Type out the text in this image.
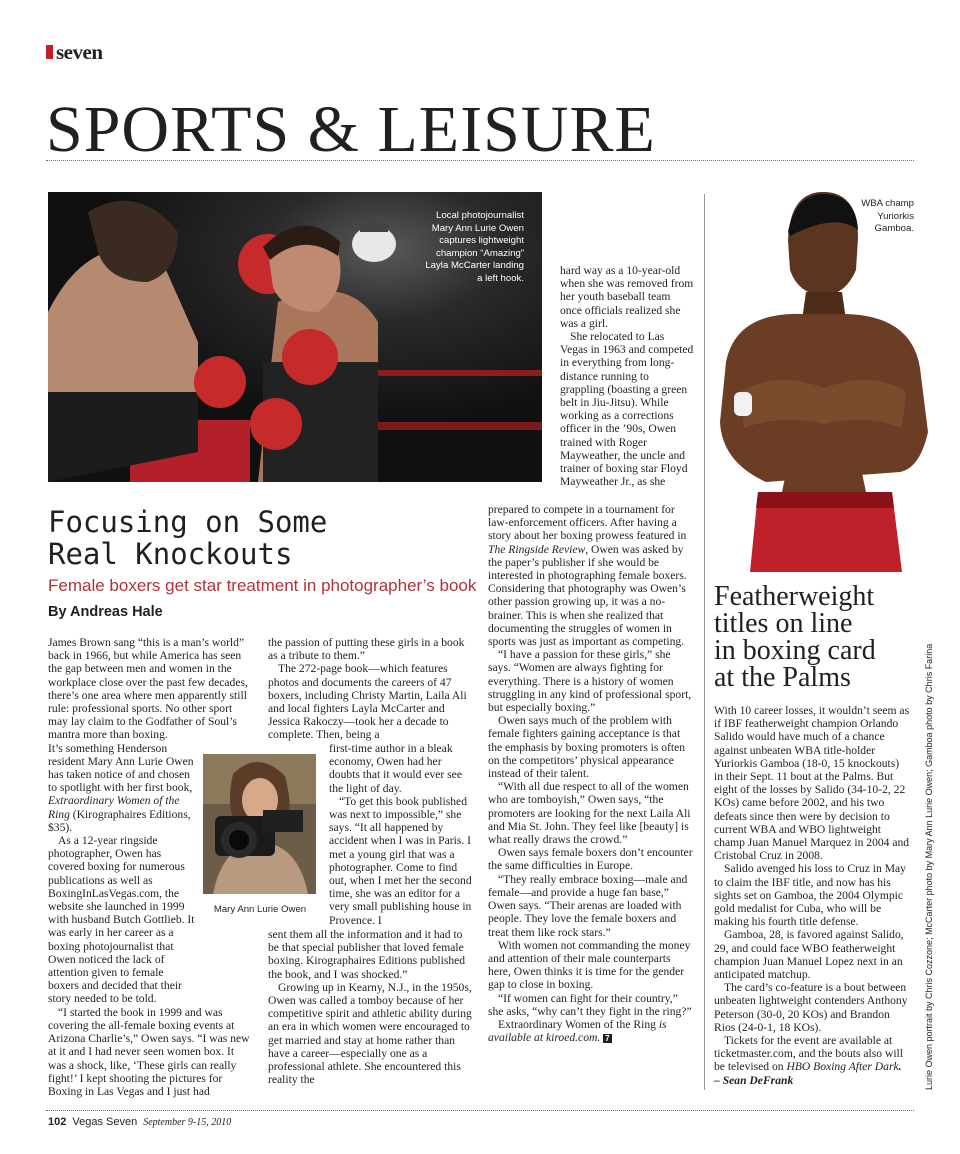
seven
SPORTS & LEISURE
Local photojournalist
Mary Ann Lurie Owen
captures lightweight
champion “Amazing”
Layla McCarter landing
a left hook.
Focusing on Some
Real Knockouts
Female boxers get star treatment in photographer’s book
By Andreas Hale

James Brown sang “this is a man’s world” back in 1966, but while America has seen the gap between men and women in the workplace close over the past few decades, there’s one area where men apparently still rule: professional sports. No other sport may lay claim to the Godfather of Soul’s mantra more than boxing.

It’s something Henderson resident Mary Ann Lurie Owen has taken notice of and chosen to spotlight with her first book, Extraordinary Women of the Ring (Kirographaires Editions, $35).

As a 12-year ringside photographer, Owen has covered boxing for numerous publications as well as BoxingInLasVegas.com, the website she launched in 1999 with husband Butch Gottlieb. It was early in her career as a boxing photojournalist that Owen noticed the lack of attention given to female boxers and decided that their story needed to be told.

“I started the book in 1999 and was covering the all-female boxing events at Arizona Charlie’s,” Owen says. “I was new at it and I had never seen women box. It was a shock, like, ‘These girls can really fight!’ I kept shooting the pictures for Boxing in Las Vegas and I just had

Mary Ann Lurie Owen

the passion of putting these girls in a book as a tribute to them.”

The 272-page book—which features photos and documents the careers of 47 boxers, including Christy Martin, Laila Ali and local fighters Layla McCarter and Jessica Rakoczy—took her a decade to complete. Then, being a

first-time author in a bleak economy, Owen had her doubts that it would ever see the light of day.

“To get this book published was next to impossible,” she says. “It all happened by accident when I was in Paris. I met a young girl that was a photographer. Come to find out, when I met her the second time, she was an editor for a very small publishing house in Provence. I

sent them all the information and it had to be that special publisher that loved female boxing. Kirographaires Editions published the book, and I was shocked.”

Growing up in Kearny, N.J., in the 1950s, Owen was called a tomboy because of her competitive spirit and athletic ability during an era in which women were encouraged to get married and stay at home rather than have a career—especially one as a professional athlete. She encountered this reality the

hard way as a 10-year-old when she was removed from her youth baseball team once officials realized she was a girl.

She relocated to Las Vegas in 1963 and competed in everything from long-distance running to grappling (boasting a green belt in Jiu-Jitsu). While working as a corrections officer in the ’90s, Owen trained with Roger Mayweather, the uncle and trainer of boxing star Floyd Mayweather Jr., as she

prepared to compete in a tournament for law-enforcement officers. After having a story about her boxing prowess featured in The Ringside Review, Owen was asked by the paper’s publisher if she would be interested in photographing female boxers. Considering that photography was Owen’s other passion growing up, it was a no-brainer. This is when she realized that documenting the struggles of women in sports was just as important as competing.

“I have a passion for these girls,” she says. “Women are always fighting for everything. There is a history of women struggling in any kind of professional sport, but especially boxing.”

Owen says much of the problem with female fighters gaining acceptance is that the emphasis by boxing promoters is often on the competitors’ physical appearance instead of their talent.

“With all due respect to all of the women who are tomboyish,” Owen says, “the promoters are looking for the next Laila Ali and Mia St. John. They feel like [beauty] is what really draws the crowd.”

Owen says female boxers don’t encounter the same difficulties in Europe.

“They really embrace boxing—male and female—and provide a huge fan base,” Owen says. “Their arenas are loaded with people. They love the female boxers and treat them like rock stars.”

With women not commanding the money and attention of their male counterparts here, Owen thinks it is time for the gender gap to close in boxing.

“If women can fight for their country,” she asks, “why can’t they fight in the ring?”

Extraordinary Women of the Ring is available at kiroed.com. 7

WBA champ
Yuriorkis
Gamboa.
Featherweight
titles on line
in boxing card
at the Palms

With 10 career losses, it wouldn’t seem as if IBF featherweight champion Orlando Salido would have much of a chance against unbeaten WBA title-holder Yuriorkis Gamboa (18-0, 15 knockouts) in their Sept. 11 bout at the Palms. But eight of the losses by Salido (34-10-2, 22 KOs) came before 2002, and his two defeats since then were by decision to current WBA and WBO lightweight champ Juan Manuel Marquez in 2004 and Cristobal Cruz in 2008.

Salido avenged his loss to Cruz in May to claim the IBF title, and now has his sights set on Gamboa, the 2004 Olympic gold medalist for Cuba, who will be making his fourth title defense.

Gamboa, 28, is favored against Salido, 29, and could face WBO featherweight champion Juan Manuel Lopez next in an anticipated matchup.

The card’s co-feature is a bout between unbeaten lightweight contenders Anthony Peterson (30-0, 20 KOs) and Brandon Rios (24-0-1, 18 KOs).

Tickets for the event are available at ticketmaster.com, and the bouts also will be televised on HBO Boxing After Dark. – Sean DeFrank	Lurie Owen portrait by Chris Cozzone; McCarter photo by Mary Ann Lurie Owen; Gamboa photo by Chris Farina
102 Vegas Seven September 9-15, 2010
